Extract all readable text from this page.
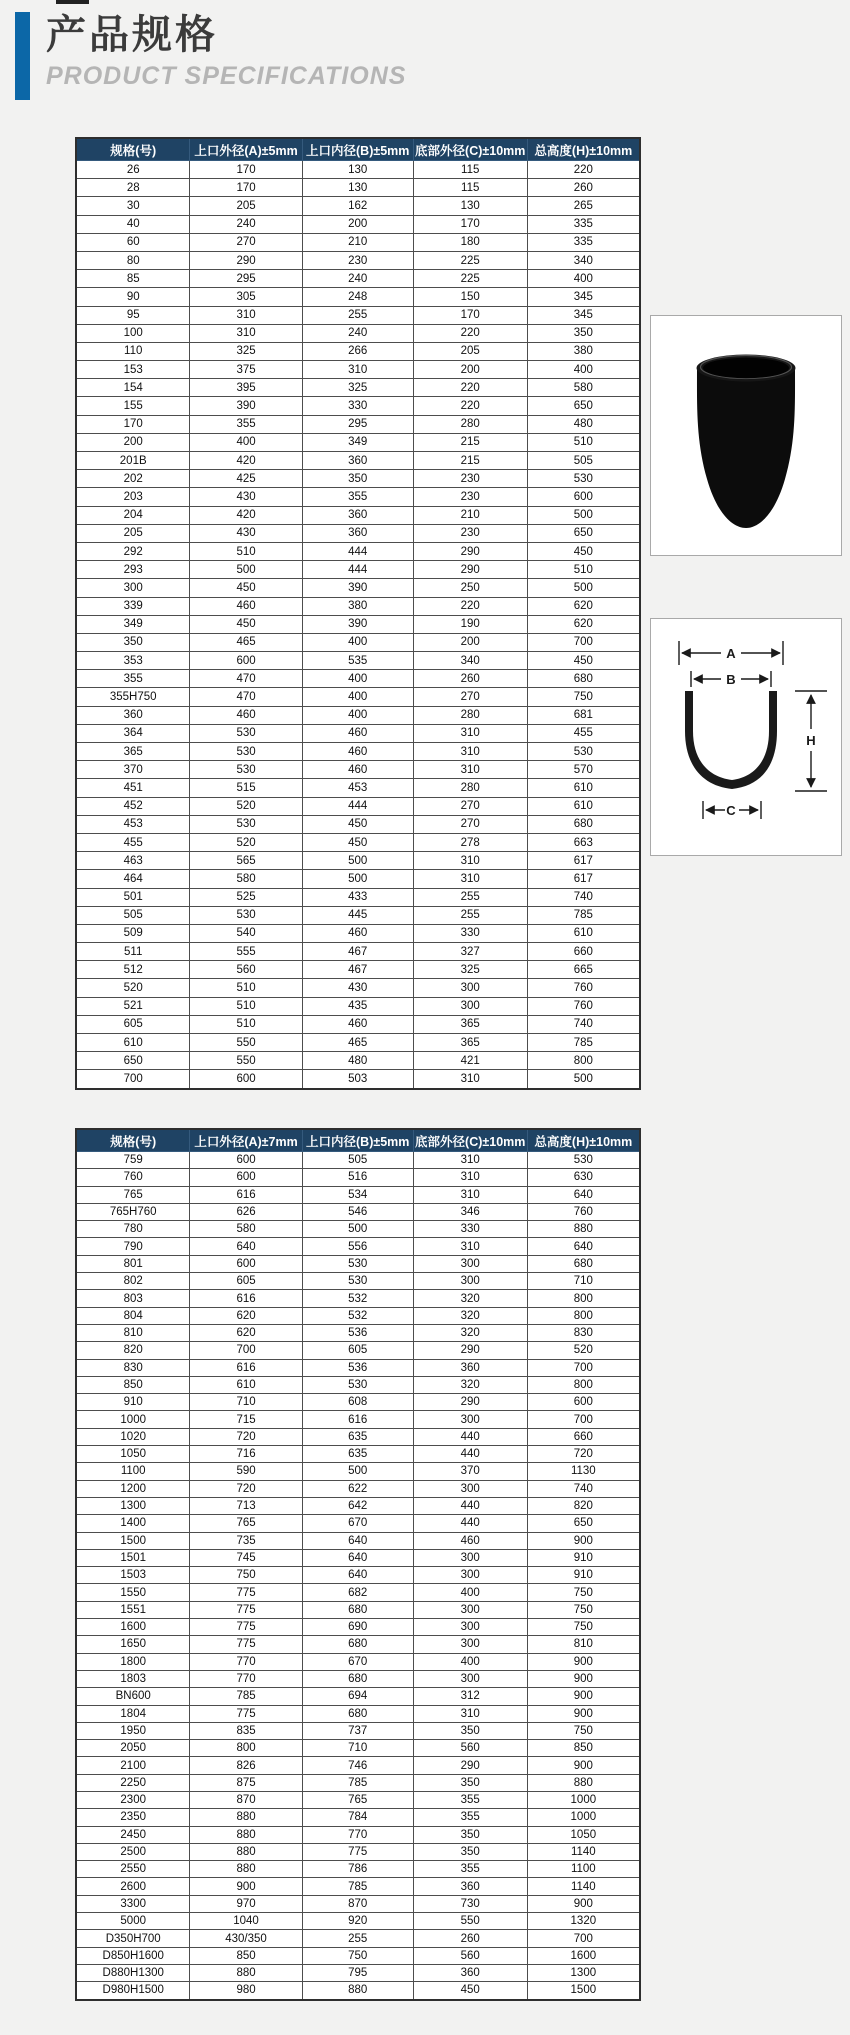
产品规格
PRODUCT SPECIFICATIONS
规格(号)	上口外径(A)±5mm	上口内径(B)±5mm	底部外径(C)±10mm	总高度(H)±10mm
26	170	130	115	220
28	170	130	115	260
30	205	162	130	265
40	240	200	170	335
60	270	210	180	335
80	290	230	225	340
85	295	240	225	400
90	305	248	150	345
95	310	255	170	345
100	310	240	220	350
110	325	266	205	380
153	375	310	200	400
154	395	325	220	580
155	390	330	220	650
170	355	295	280	480
200	400	349	215	510
201B	420	360	215	505
202	425	350	230	530
203	430	355	230	600
204	420	360	210	500
205	430	360	230	650
292	510	444	290	450
293	500	444	290	510
300	450	390	250	500
339	460	380	220	620
349	450	390	190	620
350	465	400	200	700
353	600	535	340	450
355	470	400	260	680
355H750	470	400	270	750
360	460	400	280	681
364	530	460	310	455
365	530	460	310	530
370	530	460	310	570
451	515	453	280	610
452	520	444	270	610
453	530	450	270	680
455	520	450	278	663
463	565	500	310	617
464	580	500	310	617
501	525	433	255	740
505	530	445	255	785
509	540	460	330	610
511	555	467	327	660
512	560	467	325	665
520	510	430	300	760
521	510	435	300	760
605	510	460	365	740
610	550	465	365	785
650	550	480	421	800
700	600	503	310	500
规格(号)	上口外径(A)±7mm	上口内径(B)±5mm	底部外径(C)±10mm	总高度(H)±10mm
759	600	505	310	530
760	600	516	310	630
765	616	534	310	640
765H760	626	546	346	760
780	580	500	330	880
790	640	556	310	640
801	600	530	300	680
802	605	530	300	710
803	616	532	320	800
804	620	532	320	800
810	620	536	320	830
820	700	605	290	520
830	616	536	360	700
850	610	530	320	800
910	710	608	290	600
1000	715	616	300	700
1020	720	635	440	660
1050	716	635	440	720
1100	590	500	370	1130
1200	720	622	300	740
1300	713	642	440	820
1400	765	670	440	650
1500	735	640	460	900
1501	745	640	300	910
1503	750	640	300	910
1550	775	682	400	750
1551	775	680	300	750
1600	775	690	300	750
1650	775	680	300	810
1800	770	670	400	900
1803	770	680	300	900
BN600	785	694	312	900
1804	775	680	310	900
1950	835	737	350	750
2050	800	710	560	850
2100	826	746	290	900
2250	875	785	350	880
2300	870	765	355	1000
2350	880	784	355	1000
2450	880	770	350	1050
2500	880	775	350	1140
2550	880	786	355	1100
2600	900	785	360	1140
3300	970	870	730	900
5000	1040	920	550	1320
D350H700	430/350	255	260	700
D850H1600	850	750	560	1600
D880H1300	880	795	360	1300
D980H1500	980	880	450	1500
A
B
H
C
